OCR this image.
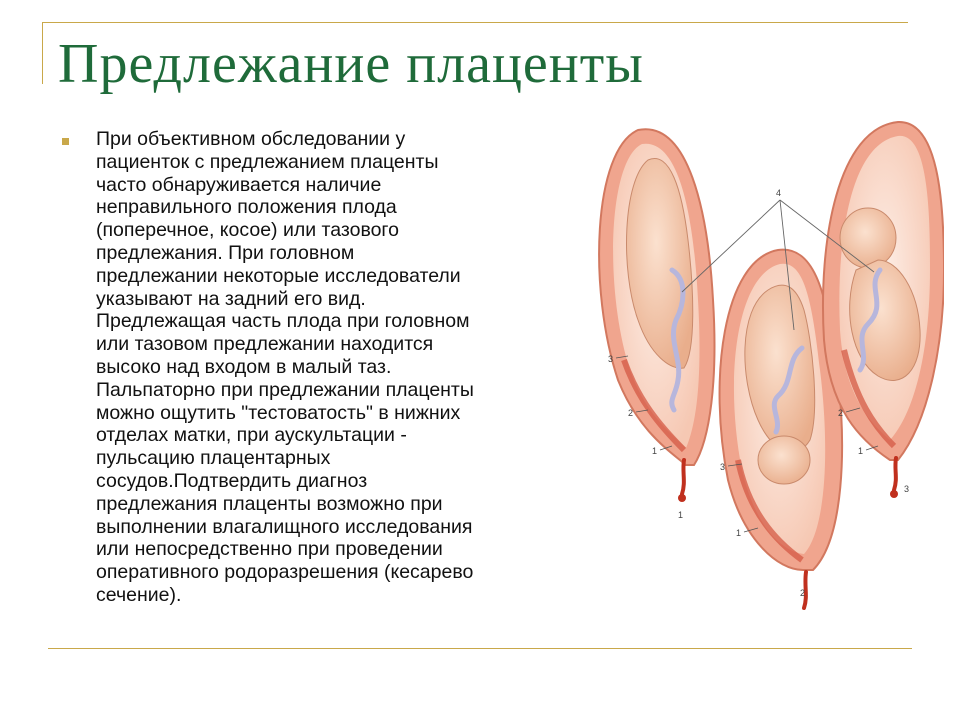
Предлежание плаценты
При объективном обследовании у
пациенток с предлежанием плаценты
часто обнаруживается наличие
неправильного положения плода
(поперечное, косое) или тазового
предлежания. При головном
предлежании некоторые исследователи
указывают на задний его вид.
Предлежащая часть плода при головном
или тазовом предлежании находится
высоко над входом в малый таз.
Пальпаторно при предлежании плаценты
можно ощутить "тестоватость" в нижних
отделах матки, при аускультации -
пульсацию плацентарных
сосудов.Подтвердить диагноз
предлежания плаценты возможно при
выполнении влагалищного исследования
или непосредственно при проведении
оперативного родоразрешения (кесарево
сечение).
3
2
1
1
3
1
2
2
1
3
4
